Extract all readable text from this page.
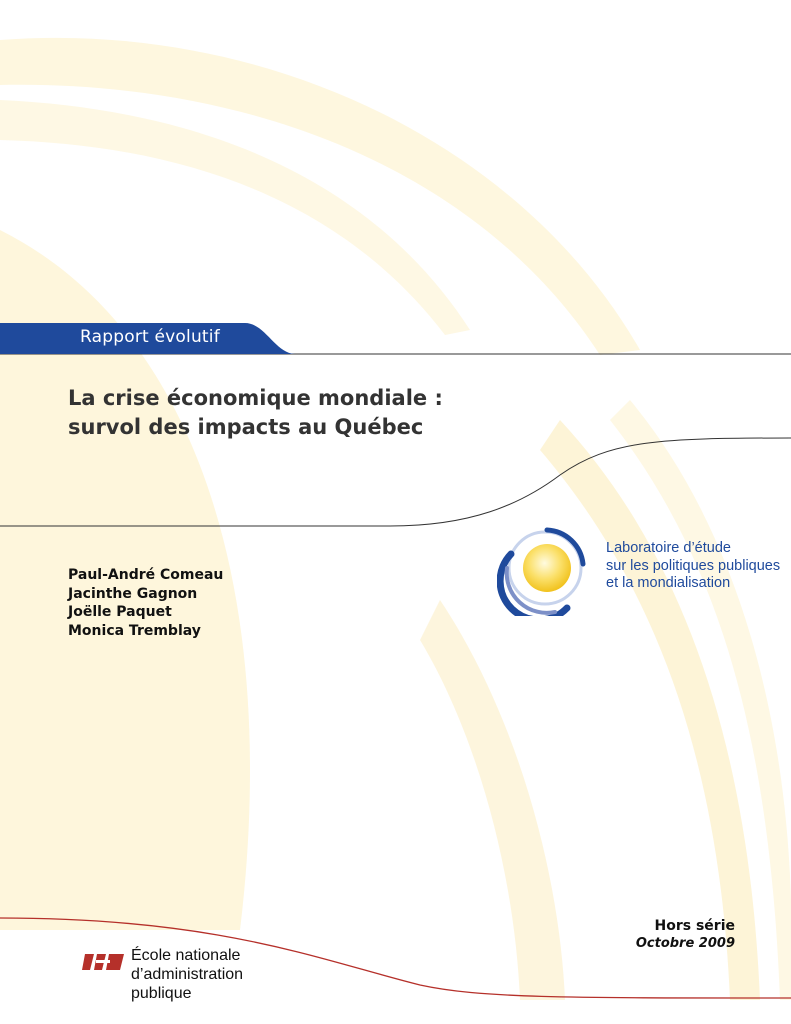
Rapport évolutif
La crise économique mondiale :
survol des impacts au Québec
Paul-André Comeau
Jacinthe Gagnon
Joëlle Paquet
Monica Tremblay

Laboratoire d’étude
sur les politiques publiques
et la mondialisation

Hors série
Octobre 2009

École nationale
d’administration
publique
